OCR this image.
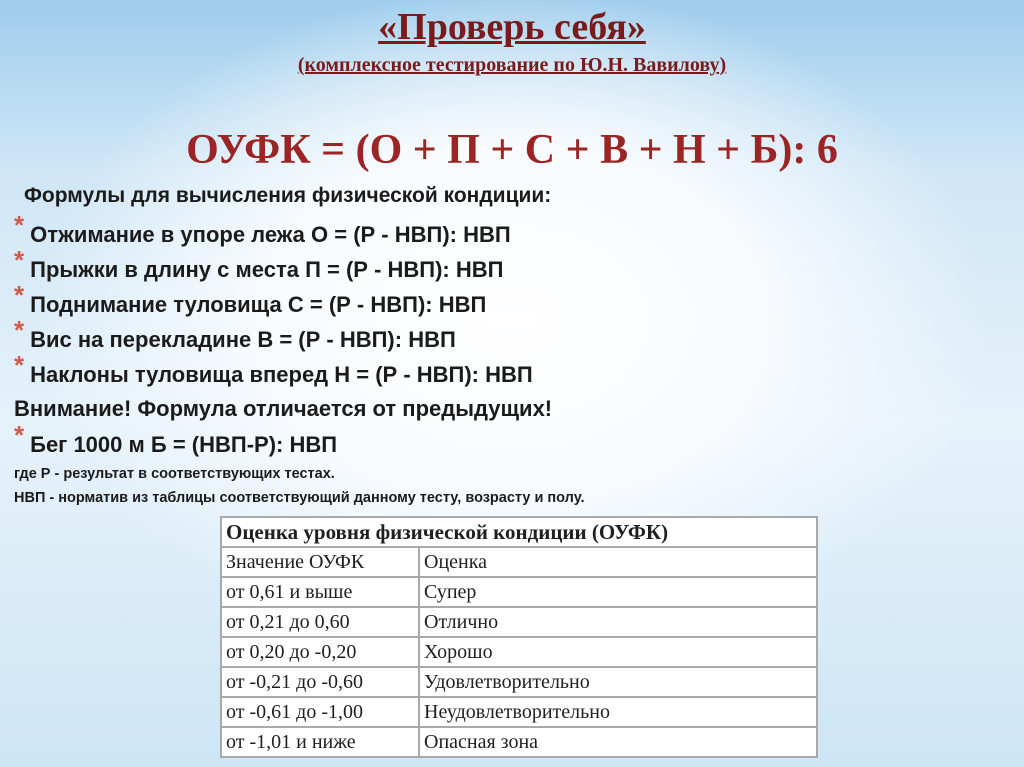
«Проверь себя»
(комплексное тестирование по Ю.Н. Вавилову)
ОУФК = (О + П + С + В + Н + Б): 6
Формулы для вычисления физической кондиции:
* Отжимание в упоре лежа О = (Р - НВП): НВП
* Прыжки в длину с места П = (Р - НВП): НВП
* Поднимание туловища С = (Р - НВП): НВП
* Вис на перекладине В = (Р - НВП): НВП
* Наклоны туловища вперед Н = (Р - НВП): НВП
Внимание! Формула отличается от предыдущих!
* Бег 1000 м Б = (НВП-Р): НВП
где Р - результат в соответствующих тестах.
НВП - норматив из таблицы соответствующий данному тесту, возрасту и полу.
Оценка уровня физической кондиции (ОУФК)	
Значение ОУФК	Оценка
от 0,61 и выше	Супер
от 0,21 до 0,60	Отлично
от 0,20 до -0,20	Хорошо
от -0,21 до -0,60	Удовлетворительно
от -0,61 до -1,00	Неудовлетворительно
от -1,01 и ниже	Опасная зона
